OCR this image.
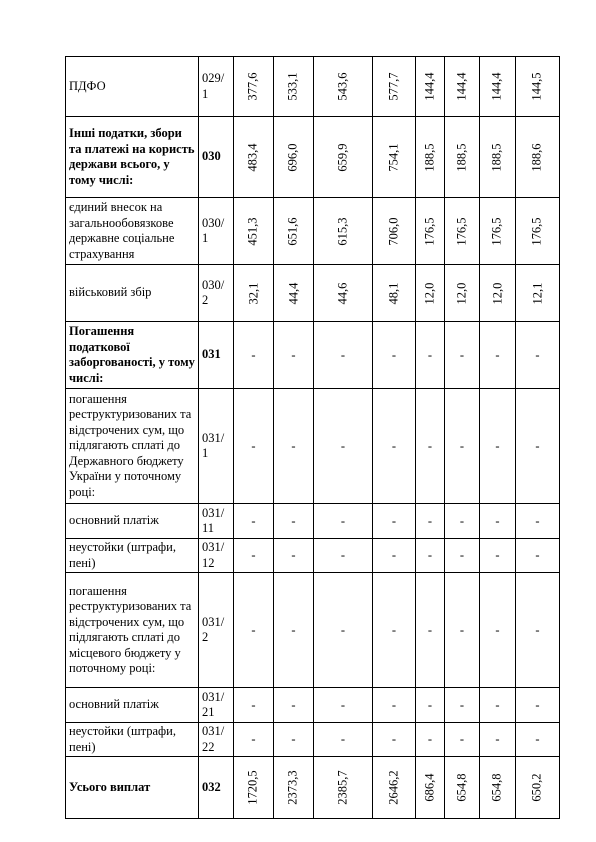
ПДФО	029/1	377,6	533,1	543,6	577,7	144,4	144,4	144,4	144,5
Інші податки, збори та платежі на користь держави всього, у тому числі:	030	483,4	696,0	659,9	754,1	188,5	188,5	188,5	188,6
єдиний внесок на загальнообовязкове державне соціальне страхування	030/1	451,3	651,6	615,3	706,0	176,5	176,5	176,5	176,5
військовий збір	030/2	32,1	44,4	44,6	48,1	12,0	12,0	12,0	12,1
Погашення податкової заборгованості, у тому числі:	031	-	-	-	-	-	-	-	-
погашення реструктуризованих та відстрочених сум, що підлягають сплаті до Державного бюджету України у поточному році:	031/1	-	-	-	-	-	-	-	-
основний платіж	031/11	-	-	-	-	-	-	-	-
неустойки (штрафи, пені)	031/12	-	-	-	-	-	-	-	-
погашення реструктуризованих та відстрочених сум, що підлягають сплаті до місцевого бюджету у поточному році:	031/2	-	-	-	-	-	-	-	-
основний платіж	031/21	-	-	-	-	-	-	-	-
неустойки (штрафи, пені)	031/22	-	-	-	-	-	-	-	-
Усього виплат	032	1720,5	2373,3	2385,7	2646,2	686,4	654,8	654,8	650,2
